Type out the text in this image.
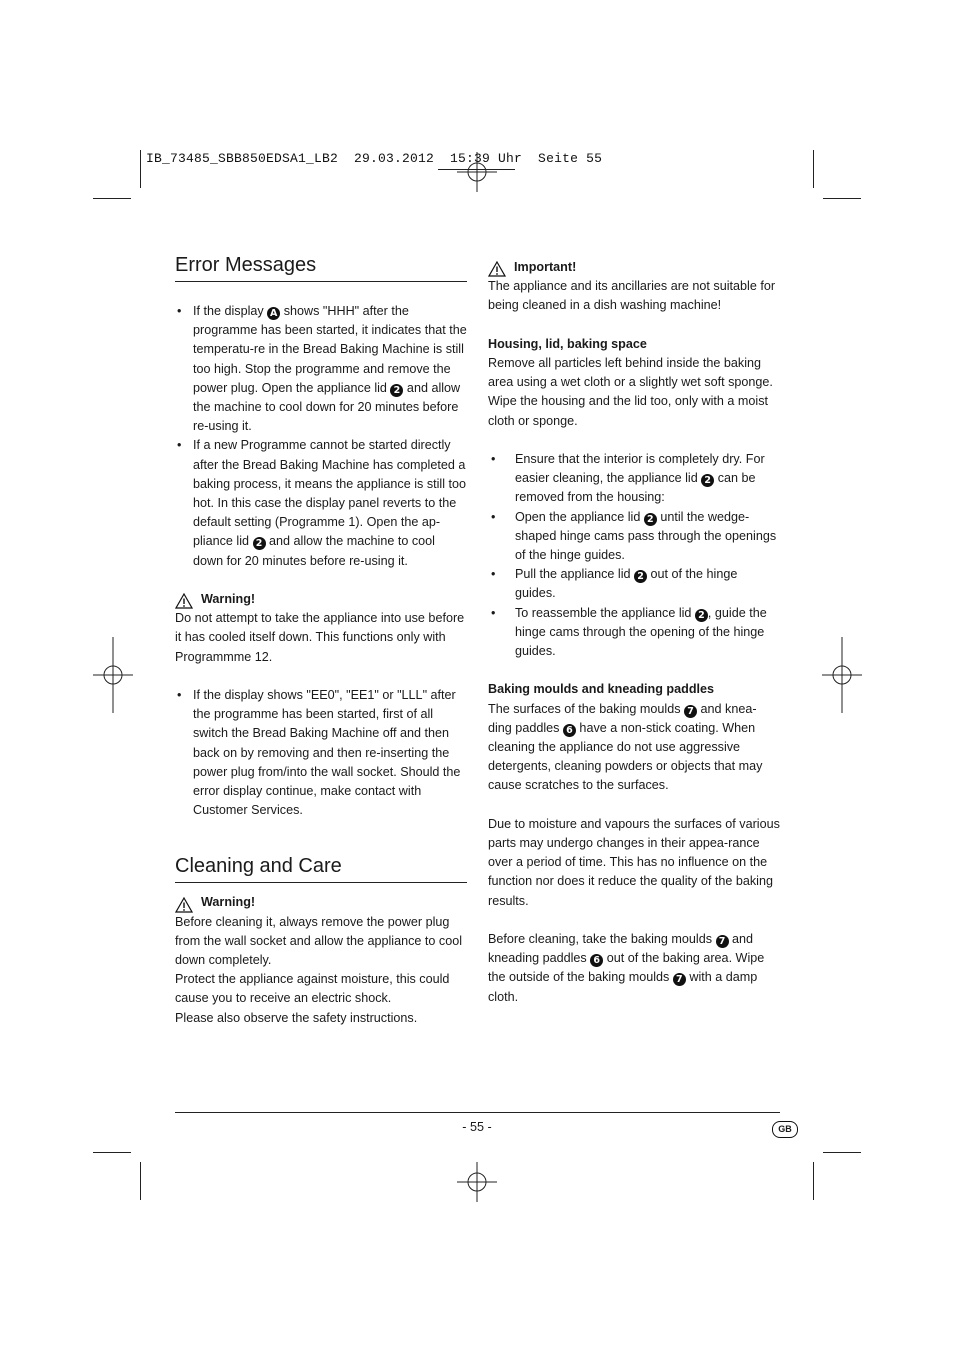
IB_73485_SBB850EDSA1_LB2  29.03.2012  15:39 Uhr  Seite 55
Error Messages
• If the display A shows "HHH" after the programme has been started, it indicates that the temperatu-re in the Bread Baking Machine is still too high. Stop the programme and remove the power plug. Open the appliance lid 2 and allow the machine to cool down for 20 minutes before re-using it.
• If a new Programme cannot be started directly after the Bread Baking Machine has completed a baking process, it means the appliance is still too hot. In this case the display panel reverts to the default setting (Programme 1). Open the ap-pliance lid 2 and allow the machine to cool down for 20 minutes before re-using it.
Warning!

Do not attempt to take the appliance into use before it has cooled itself down. This functions only with Programmme 12.

• If the display shows "EE0", "EE1" or "LLL" after the programme has been started, first of all switch the Bread Baking Machine off and then back on by removing and then re-inserting the power plug from/into the wall socket. Should the error display continue, make contact with Customer Services.
Cleaning and Care
Warning!

Before cleaning it, always remove the power plug from the wall socket and allow the appliance to cool down completely.

Protect the appliance against moisture, this could cause you to receive an electric shock.

Please also observe the safety instructions.

Important!

The appliance and its ancillaries are not suitable for being cleaned in a dish washing machine!

Housing, lid, baking space

Remove all particles left behind inside the baking area using a wet cloth or a slightly wet soft sponge. Wipe the housing and the lid too, only with a moist cloth or sponge.

• Ensure that the interior is completely dry. For easier cleaning, the appliance lid 2 can be removed from the housing:
• Open the appliance lid 2 until the wedge-shaped hinge cams pass through the openings of the hinge guides.
• Pull the appliance lid 2 out of the hinge guides.
• To reassemble the appliance lid 2 , guide the hinge cams through the opening of the hinge guides.

Baking moulds and kneading paddles

The surfaces of the baking moulds 7 and knea-ding paddles 6 have a non-stick coating. When cleaning the appliance do not use aggressive detergents, cleaning powders or objects that may cause scratches to the surfaces.

Due to moisture and vapours the surfaces of various parts may undergo changes in their appea-rance over a period of time. This has no influence on the function nor does it reduce the quality of the baking results.

Before cleaning, take the baking moulds 7 and kneading paddles 6 out of the baking area. Wipe the outside of the baking moulds 7 with a damp cloth.

- 55 -	GB
